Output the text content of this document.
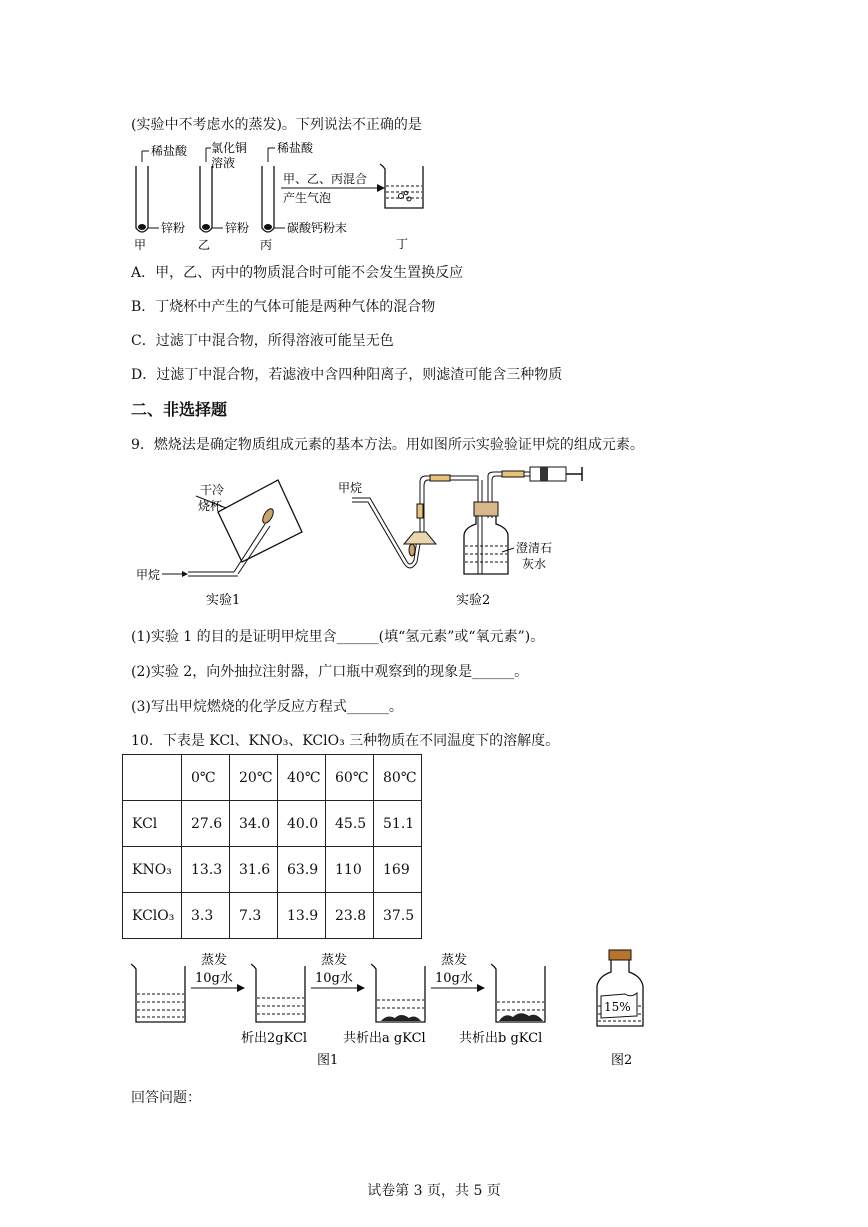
(实验中不考虑水的蒸发)。下列说法不正确的是
稀盐酸
锌粉
甲
氯化铜
溶液
锌粉
乙
稀盐酸
碳酸钙粉末
丙
甲、乙、丙混合
产生气泡
丁
A．甲，乙、丙中的物质混合时可能不会发生置换反应
B．丁烧杯中产生的气体可能是两种气体的混合物
C．过滤丁中混合物，所得溶液可能呈无色
D．过滤丁中混合物，若滤液中含四种阳离子，则滤渣可能含三种物质
二、非选择题
9．燃烧法是确定物质组成元素的基本方法。用如图所示实验验证甲烷的组成元素。
干冷
烧杯
甲烷
实验1
甲烷
澄清石
灰水
实验2
(1)实验 1 的目的是证明甲烷里含______(填“氢元素”或“氧元素”)。
(2)实验 2，向外抽拉注射器，广口瓶中观察到的现象是______。
(3)写出甲烷燃烧的化学反应方程式______。
10．下表是 KCl、KNO₃、KClO₃ 三种物质在不同温度下的溶解度。
	0℃	20℃	40℃	60℃	80℃
KCl	27.6	34.0	40.0	45.5	51.1
KNO₃	13.3	31.6	63.9	110	169
KClO₃	3.3	7.3	13.9	23.8	37.5
蒸发
10g水
析出2gKCl
蒸发
10g水
共析出a gKCl
蒸发
10g水
共析出b gKCl
图1
15%
图2
回答问题：
试卷第 3 页，共 5 页
